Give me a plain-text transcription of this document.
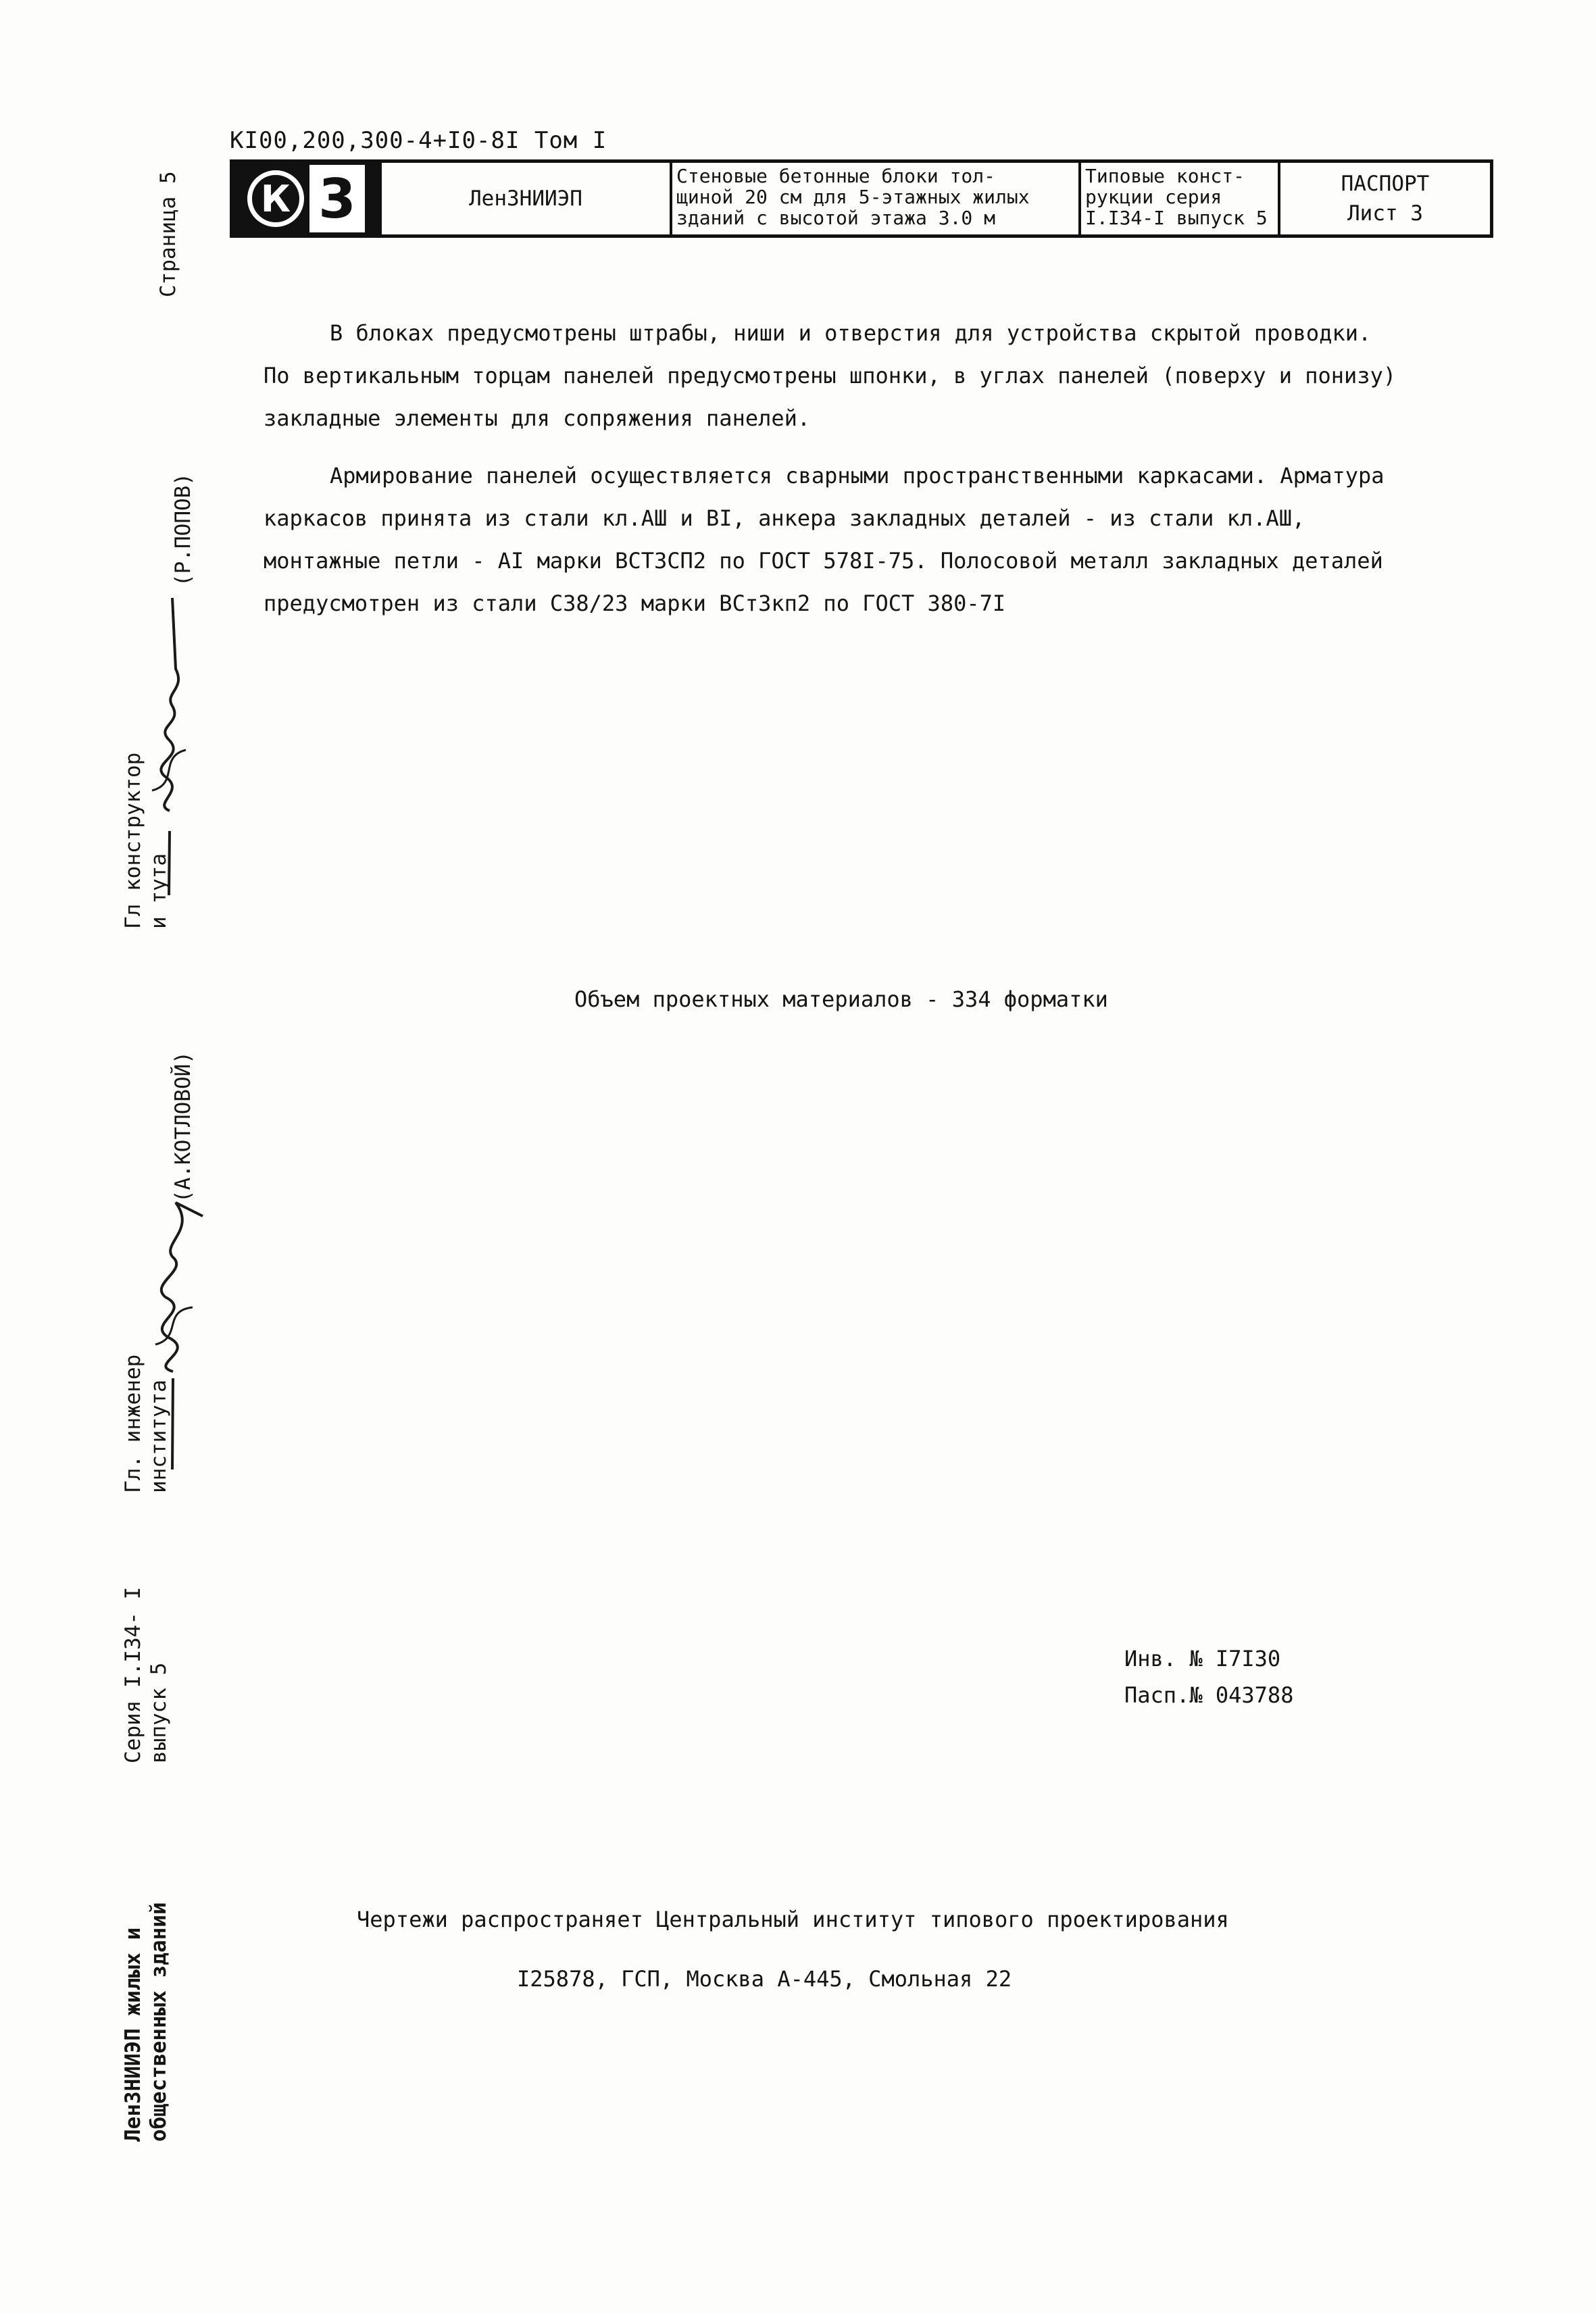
КI00,200,300-4+I0-8I Том I
К 3	ЛенЗНИИЭП
Стеновые бетонные блоки тол-
щиной 20 см для 5-этажных жилых
зданий с высотой этажа 3.0 м
Типовые конст-
рукции серия
I.I34-I выпуск 5
ПАСПОРТ
Лист 3
Страница 5
Гл конструктор и тута
(Р.ПОПОВ)
Гл. инженер института
(А.КОТЛОВОЙ)
Серия I.I34- I выпуск 5
ЛенЗНИИЭП жилых и общественных зданий
В блоках предусмотрены штрабы, ниши и отверстия для устройства скрытой проводки.
По вертикальным торцам панелей предусмотрены шпонки, в углах панелей (поверху и понизу)
закладные элементы для сопряжения панелей.
Армирование панелей осуществляется сварными пространственными каркасами. Арматура
каркасов принята из стали кл.АШ и BI, анкера закладных деталей - из стали кл.АШ,
монтажные петли - AI марки ВСТ3СП2 по ГОСТ 578I-75. Полосовой металл закладных деталей
предусмотрен из стали С38/23 марки ВСт3кп2 по ГОСТ 380-7I
Объем проектных материалов - 334 форматки
Инв. № I7I30
Пасп.№ 043788
Чертежи распространяет Центральный институт типового проектирования
I25878, ГСП, Москва А-445, Смольная 22
